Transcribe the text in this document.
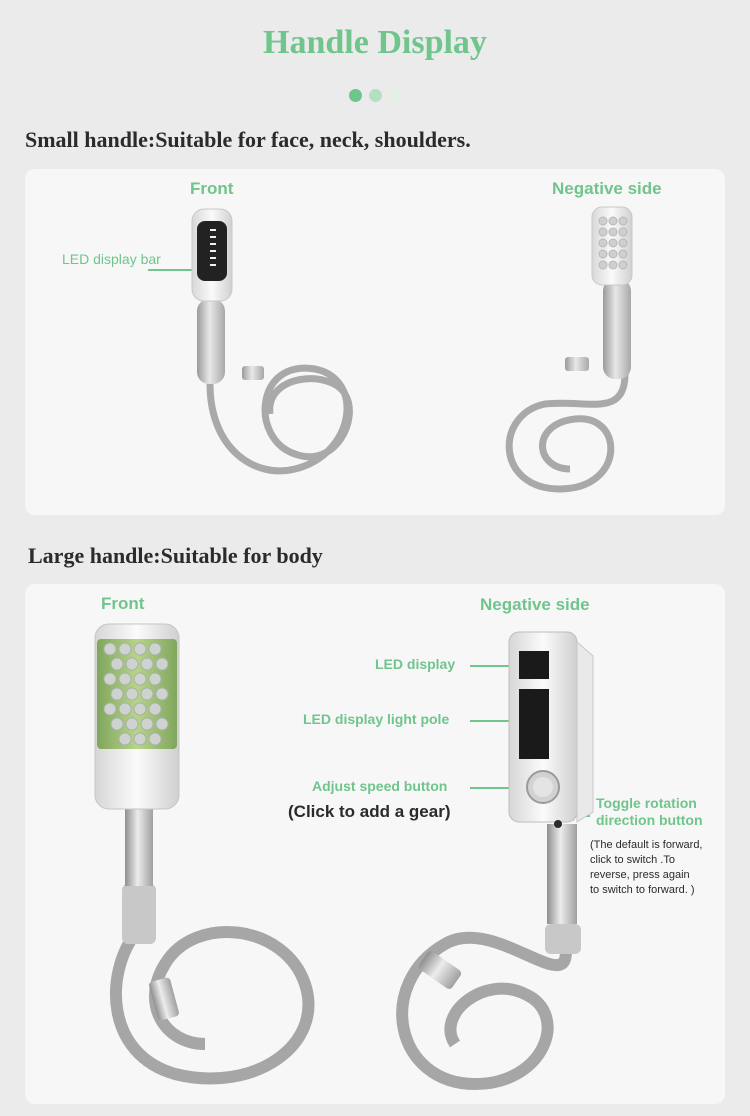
Handle Display
Small handle:Suitable for face, neck, shoulders.
Front	Negative side
LED display bar
Large handle:Suitable for body
Front	Negative side
LED display
LED display light pole
Adjust speed button
(Click to add a gear)	Toggle rotation
direction button
(The default is forward,
click to switch .To
reverse, press again
to switch to forward. )
